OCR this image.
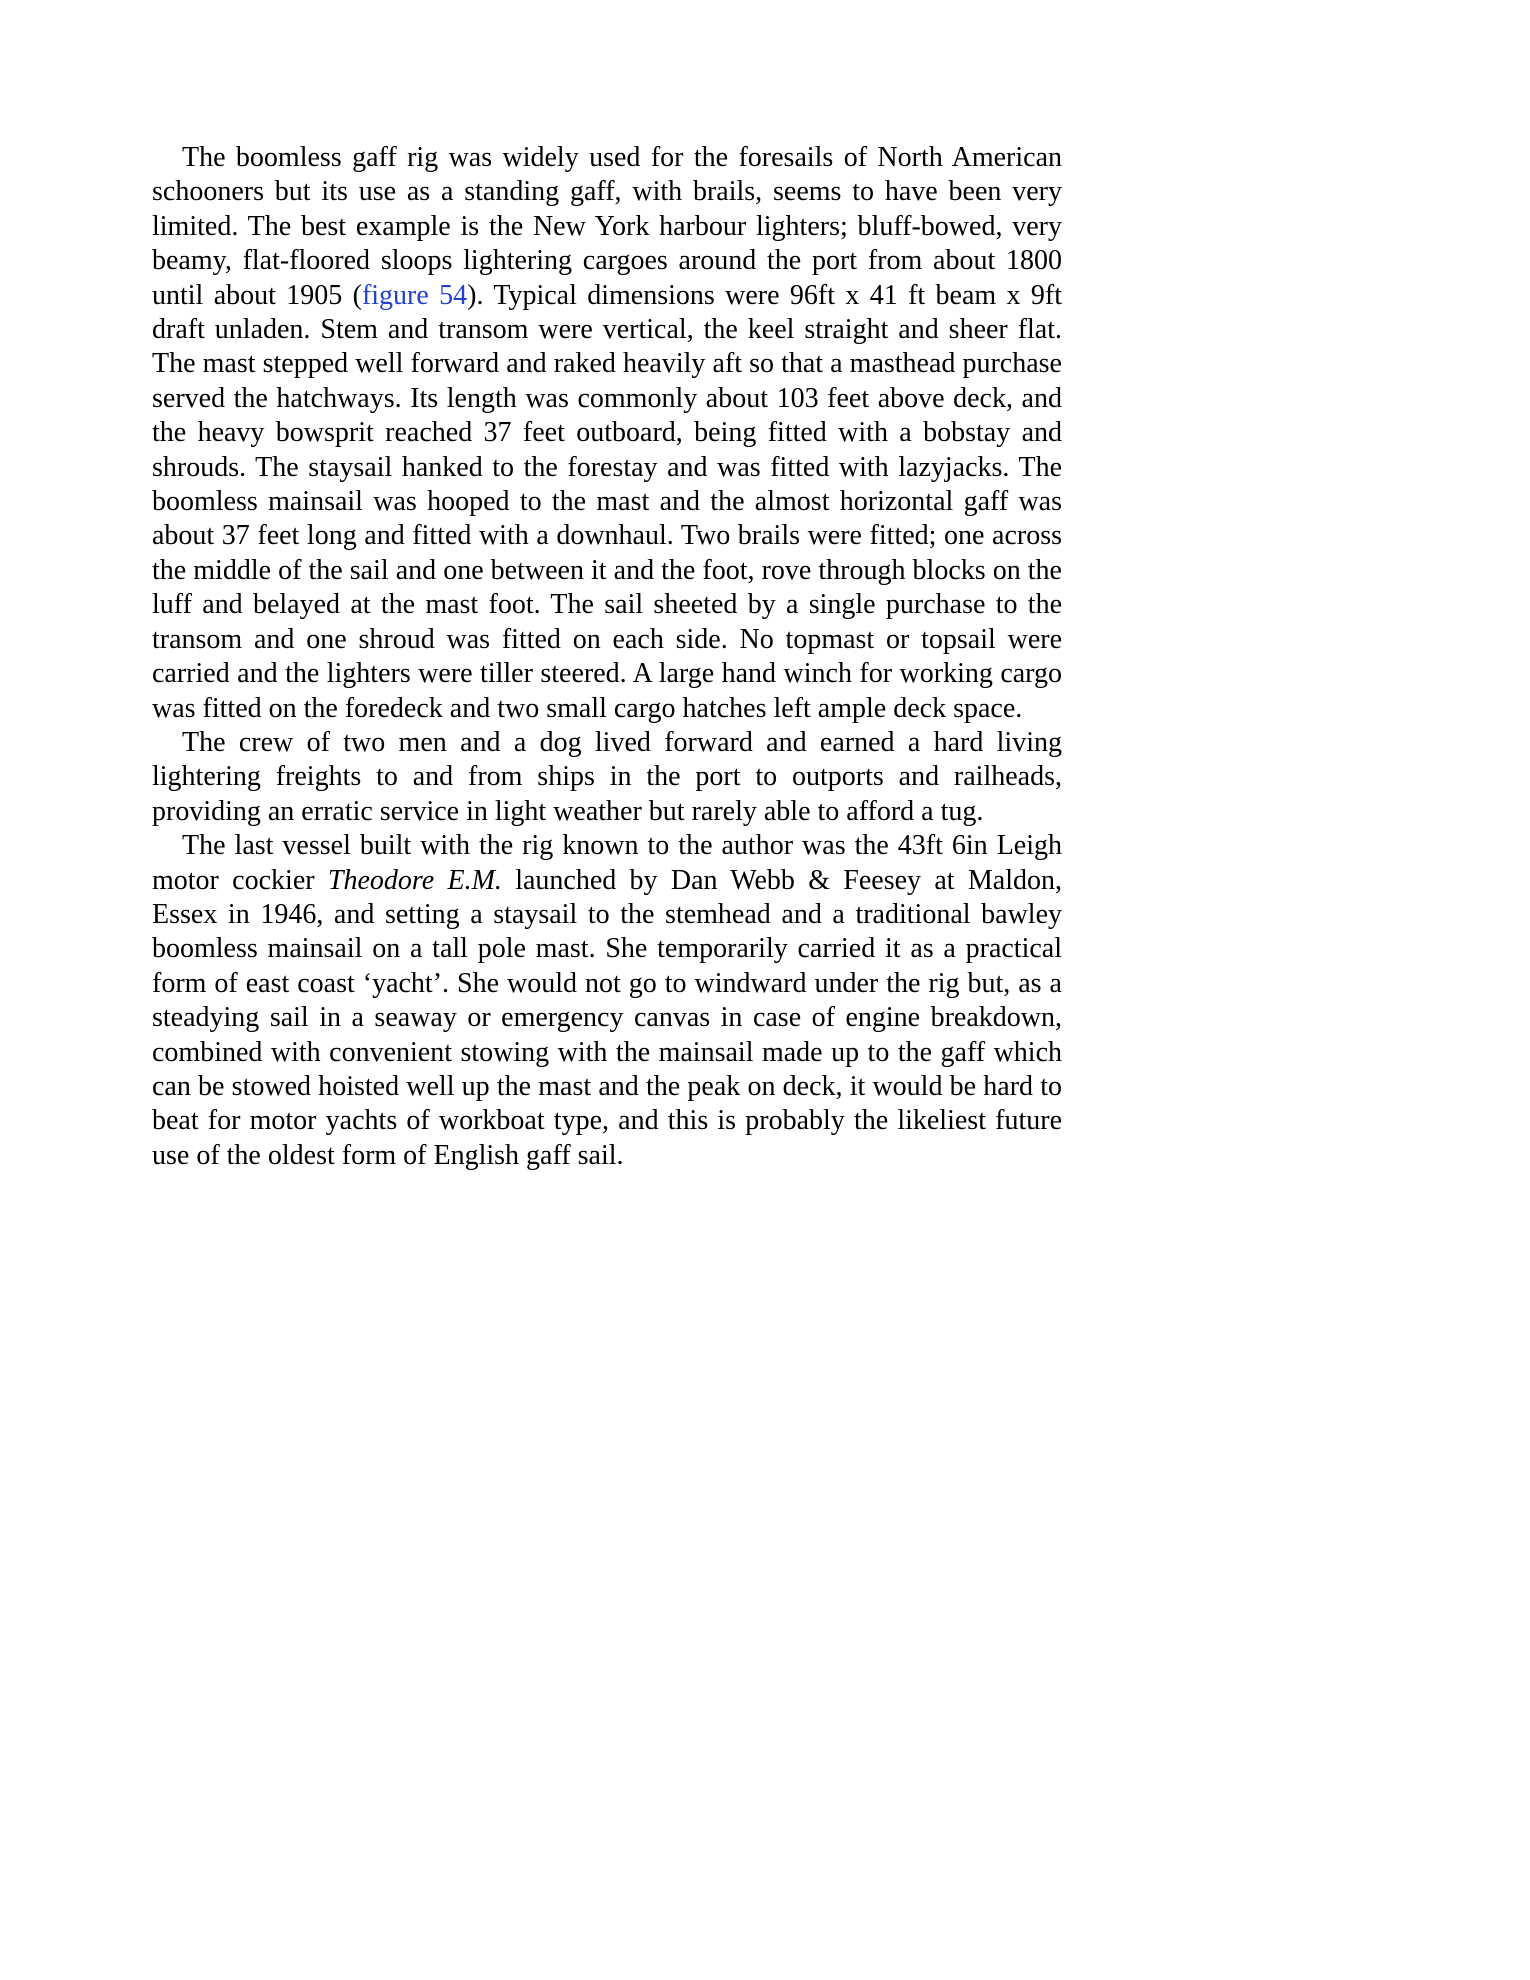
The boomless gaff rig was widely used for the foresails of North American schooners but its use as a standing gaff, with brails, seems to have been very limited. The best example is the New York harbour lighters; bluff-bowed, very beamy, flat-floored sloops lightering cargoes around the port from about 1800 until about 1905 (figure 54). Typical dimensions were 96ft x 41 ft beam x 9ft draft unladen. Stem and transom were vertical, the keel straight and sheer flat. The mast stepped well forward and raked heavily aft so that a masthead purchase served the hatchways. Its length was commonly about 103 feet above deck, and the heavy bowsprit reached 37 feet outboard, being fitted with a bobstay and shrouds. The staysail hanked to the forestay and was fitted with lazyjacks. The boomless mainsail was hooped to the mast and the almost horizontal gaff was about 37 feet long and fitted with a downhaul. Two brails were fitted; one across the middle of the sail and one between it and the foot, rove through blocks on the luff and belayed at the mast foot. The sail sheeted by a single purchase to the transom and one shroud was fitted on each side. No topmast or topsail were carried and the lighters were tiller steered. A large hand winch for working cargo was fitted on the foredeck and two small cargo hatches left ample deck space.

The crew of two men and a dog lived forward and earned a hard living lightering freights to and from ships in the port to outports and railheads, providing an erratic service in light weather but rarely able to afford a tug.

The last vessel built with the rig known to the author was the 43ft 6in Leigh motor cockier Theodore E.M. launched by Dan Webb & Feesey at Maldon, Essex in 1946, and setting a staysail to the stemhead and a traditional bawley boomless mainsail on a tall pole mast. She temporarily carried it as a practical form of east coast ‘yacht’. She would not go to windward under the rig but, as a steadying sail in a seaway or emergency canvas in case of engine breakdown, combined with convenient stowing with the mainsail made up to the gaff which can be stowed hoisted well up the mast and the peak on deck, it would be hard to beat for motor yachts of workboat type, and this is probably the likeliest future use of the oldest form of English gaff sail.
